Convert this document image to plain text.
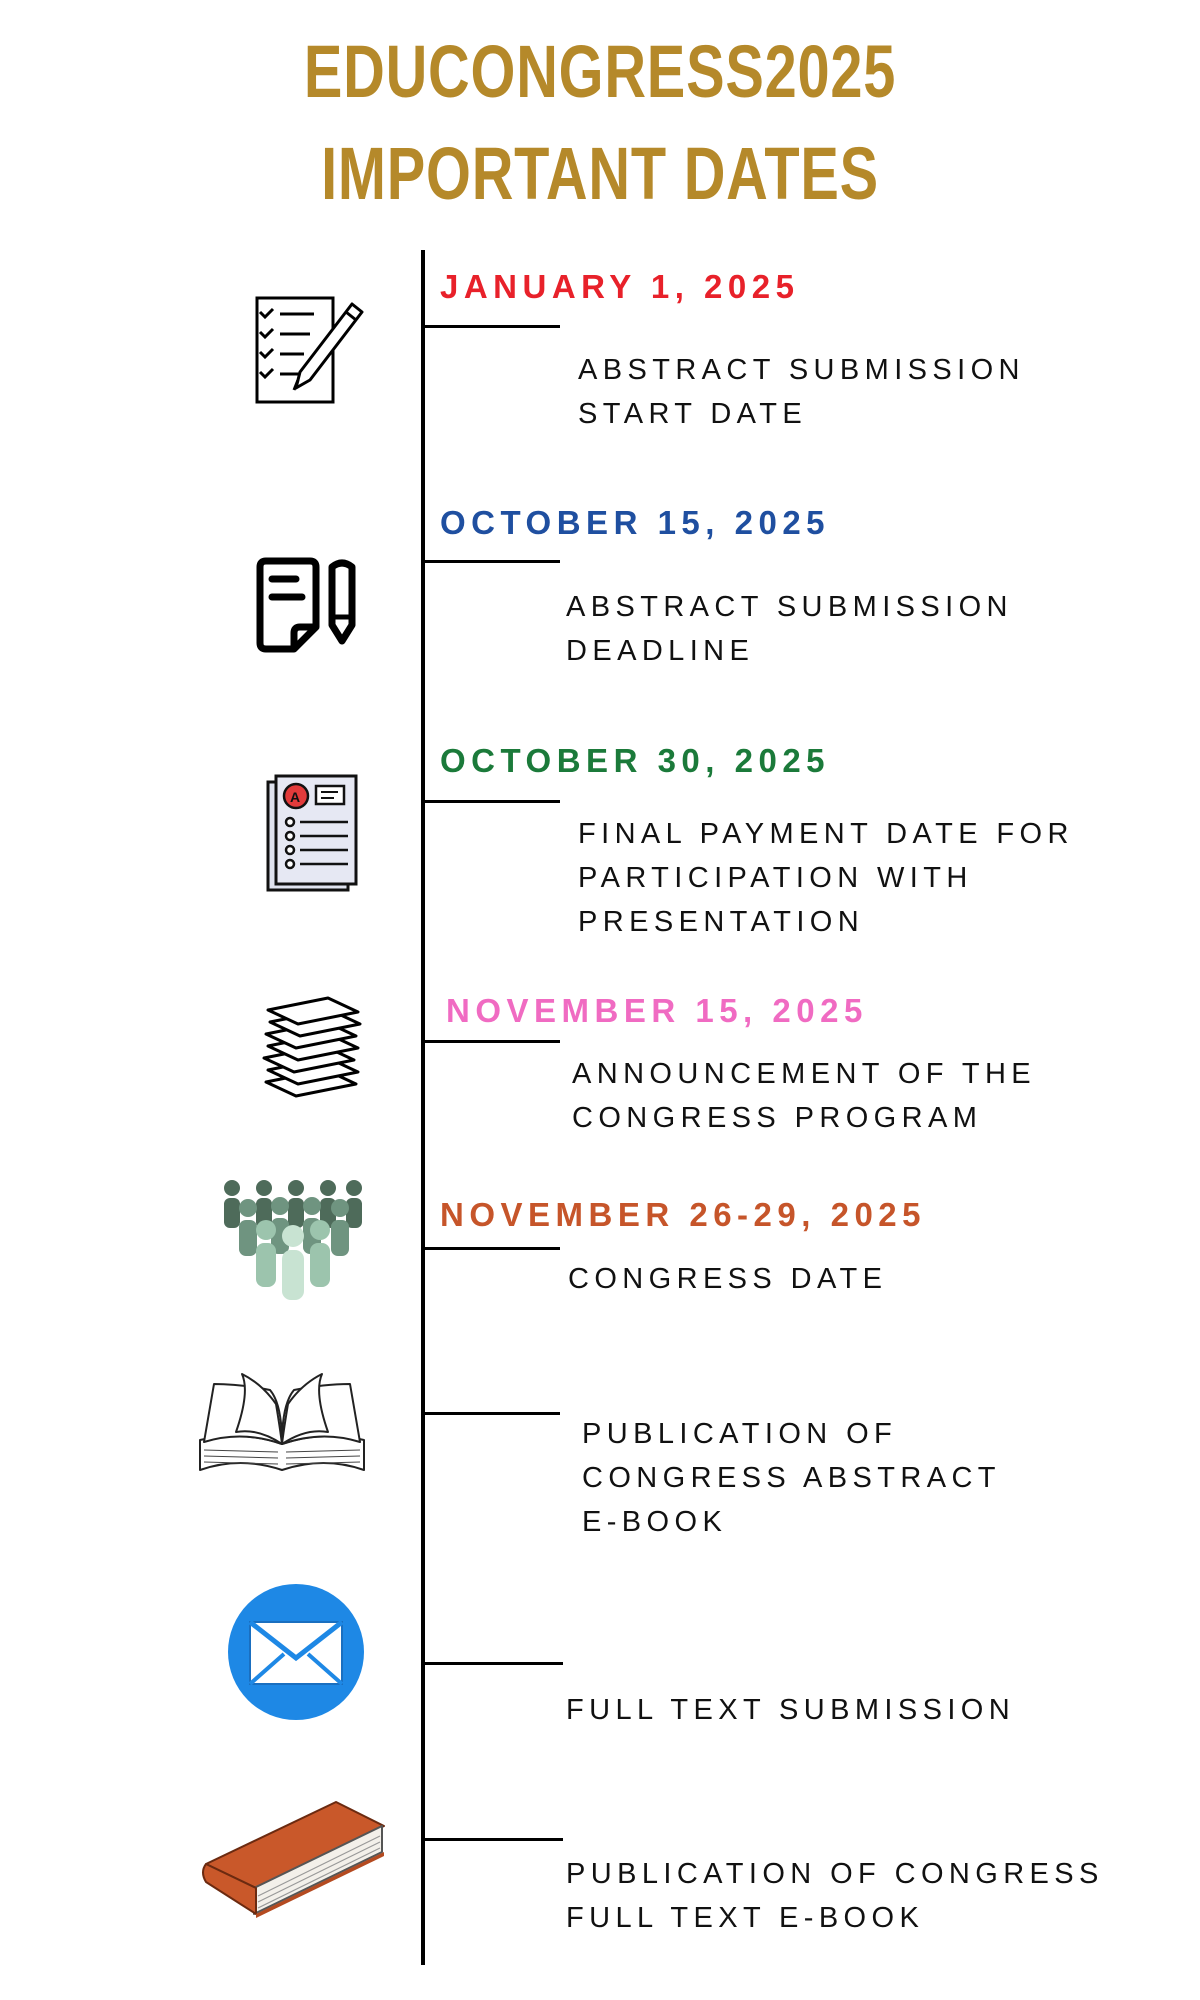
EDUCONGRESS2025
IMPORTANT DATES
JANUARY 1, 2025
ABSTRACT SUBMISSION
START DATE
OCTOBER 15, 2025
ABSTRACT SUBMISSION
DEADLINE
OCTOBER 30, 2025
FINAL PAYMENT DATE FOR
PARTICIPATION WITH
PRESENTATION
A
NOVEMBER 15, 2025
ANNOUNCEMENT OF THE
CONGRESS PROGRAM
NOVEMBER 26-29, 2025
CONGRESS DATE
PUBLICATION OF
CONGRESS ABSTRACT
E-BOOK
FULL TEXT SUBMISSION
PUBLICATION OF CONGRESS
FULL TEXT E-BOOK
